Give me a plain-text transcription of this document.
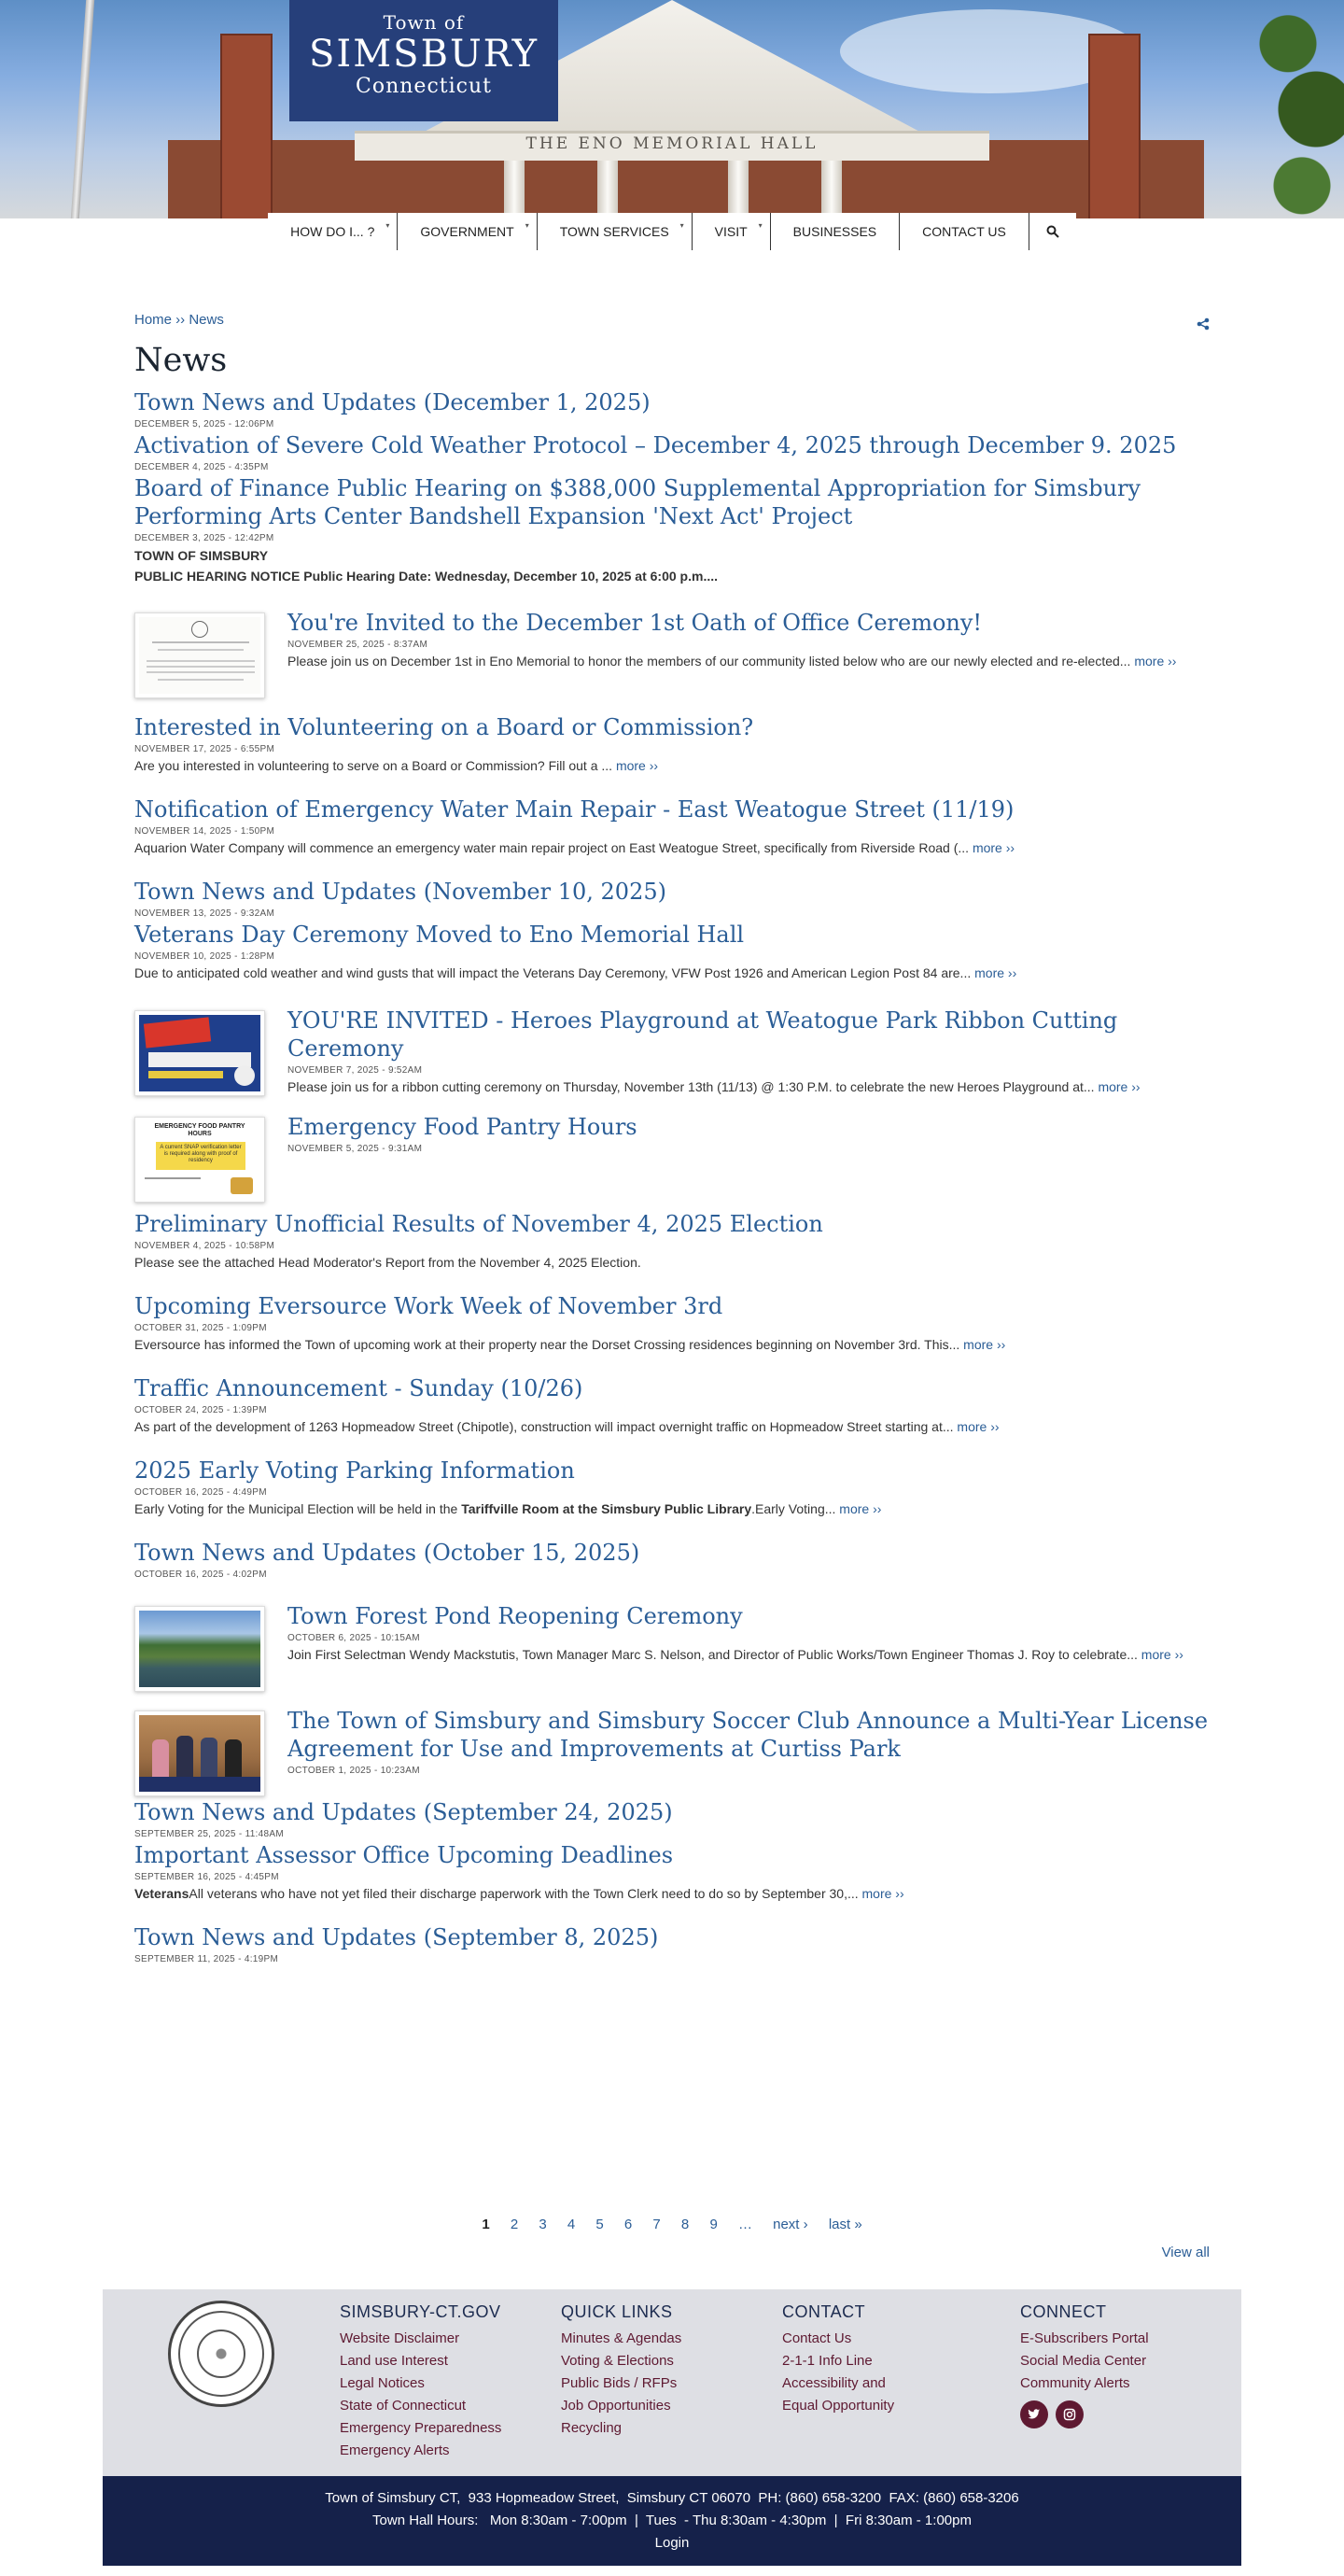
THE ENO MEMORIAL HALL
Town of
SIMSBURY
Connecticut
HOW DO I... ? ▾ GOVERNMENT ▾ TOWN SERVICES ▾ VISIT ▾ BUSINESSES	CONTACT US
Home ›› News
News
Town News and Updates (December 1, 2025)
DECEMBER 5, 2025 - 12:06PM
Activation of Severe Cold Weather Protocol – December 4, 2025 through December 9. 2025
DECEMBER 4, 2025 - 4:35PM
Board of Finance Public Hearing on $388,000 Supplemental Appropriation for Simsbury Performing Arts Center Bandshell Expansion 'Next Act' Project
DECEMBER 3, 2025 - 12:42PM
TOWN OF SIMSBURY
PUBLIC HEARING NOTICE Public Hearing Date: Wednesday, December 10, 2025 at 6:00 p.m....
You're Invited to the December 1st Oath of Office Ceremony!
NOVEMBER 25, 2025 - 8:37AM
Please join us on December 1st in Eno Memorial to honor the members of our community listed below who are our newly elected and re-elected... more ››
Interested in Volunteering on a Board or Commission?
NOVEMBER 17, 2025 - 6:55PM
Are you interested in volunteering to serve on a Board or Commission? Fill out a ... more ››
Notification of Emergency Water Main Repair - East Weatogue Street (11/19)
NOVEMBER 14, 2025 - 1:50PM
Aquarion Water Company will commence an emergency water main repair project on East Weatogue Street, specifically from Riverside Road (... more ››
Town News and Updates (November 10, 2025)
NOVEMBER 13, 2025 - 9:32AM
Veterans Day Ceremony Moved to Eno Memorial Hall
NOVEMBER 10, 2025 - 1:28PM
Due to anticipated cold weather and wind gusts that will impact the Veterans Day Ceremony, VFW Post 1926 and American Legion Post 84 are... more ››
YOU'RE INVITED - Heroes Playground at Weatogue Park Ribbon Cutting Ceremony
NOVEMBER 7, 2025 - 9:52AM
Please join us for a ribbon cutting ceremony on Thursday, November 13th (11/13) @ 1:30 P.M. to celebrate the new Heroes Playground at... more ››
EMERGENCY FOOD PANTRY HOURS
A current SNAP verification letter is required along with proof of residency
Emergency Food Pantry Hours
NOVEMBER 5, 2025 - 9:31AM
Preliminary Unofficial Results of November 4, 2025 Election
NOVEMBER 4, 2025 - 10:58PM
Please see the attached Head Moderator's Report from the November 4, 2025 Election.
Upcoming Eversource Work Week of November 3rd
OCTOBER 31, 2025 - 1:09PM
Eversource has informed the Town of upcoming work at their property near the Dorset Crossing residences beginning on November 3rd. This... more ››
Traffic Announcement - Sunday (10/26)
OCTOBER 24, 2025 - 1:39PM
As part of the development of 1263 Hopmeadow Street (Chipotle), construction will impact overnight traffic on Hopmeadow Street starting at... more ››
2025 Early Voting Parking Information
OCTOBER 16, 2025 - 4:49PM
Early Voting for the Municipal Election will be held in the Tariffville Room at the Simsbury Public Library.Early Voting... more ››
Town News and Updates (October 15, 2025)
OCTOBER 16, 2025 - 4:02PM
Town Forest Pond Reopening Ceremony
OCTOBER 6, 2025 - 10:15AM
Join First Selectman Wendy Mackstutis, Town Manager Marc S. Nelson, and Director of Public Works/Town Engineer Thomas J. Roy to celebrate... more ››
The Town of Simsbury and Simsbury Soccer Club Announce a Multi-Year License Agreement for Use and Improvements at Curtiss Park
OCTOBER 1, 2025 - 10:23AM
Town News and Updates (September 24, 2025)
SEPTEMBER 25, 2025 - 11:48AM
Important Assessor Office Upcoming Deadlines
SEPTEMBER 16, 2025 - 4:45PM
VeteransAll veterans who have not yet filed their discharge paperwork with the Town Clerk need to do so by September 30,... more ››
Town News and Updates (September 8, 2025)
SEPTEMBER 11, 2025 - 4:19PM
1 2 3 4 5 6 7 8 9 … next › last »
View all
SIMSBURY-CT.GOV
Website Disclaimer
Land use Interest
Legal Notices
State of Connecticut
Emergency Preparedness
Emergency Alerts
QUICK LINKS
Minutes & Agendas
Voting & Elections
Public Bids / RFPs
Job Opportunities
Recycling
CONTACT
Contact Us
2-1-1 Info Line
Accessibility and
Equal Opportunity
CONNECT
E-Subscribers Portal
Social Media Center
Community Alerts
Town of Simsbury CT,  933 Hopmeadow Street,  Simsbury CT 06070  PH: (860) 658-3200  FAX: (860) 658-3206
Town Hall Hours:   Mon 8:30am - 7:00pm  |  Tues  - Thu 8:30am - 4:30pm  |  Fri 8:30am - 1:00pm
Login
